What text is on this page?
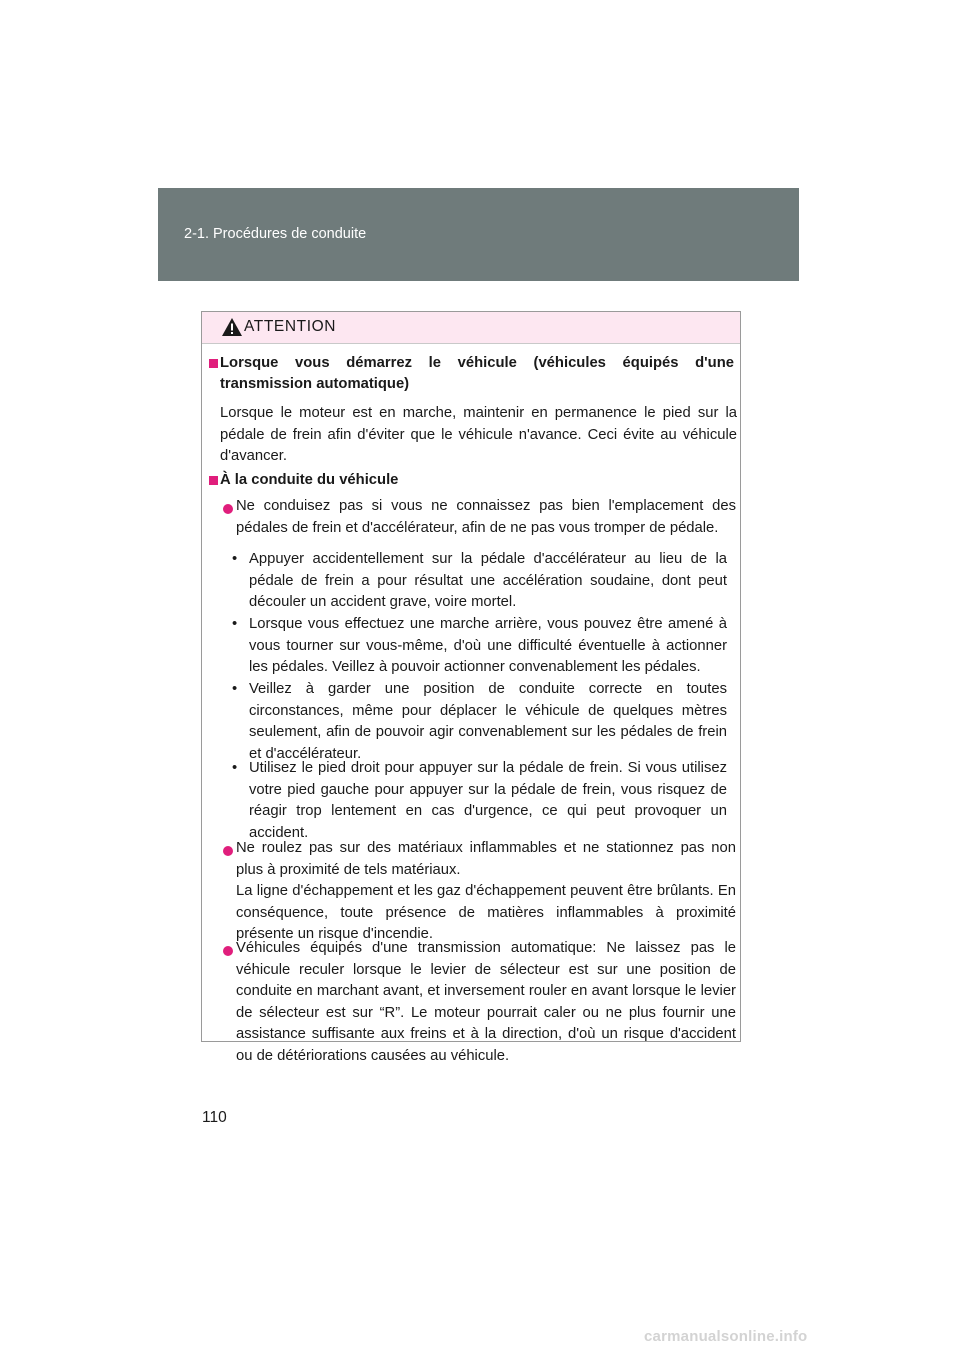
2-1. Procédures de conduite
ATTENTION
Lorsque vous démarrez le véhicule (véhicules équipés d'une
transmission automatique)
Lorsque le moteur est en marche, maintenir en permanence le pied sur la pédale de frein afin d'éviter que le véhicule n'avance. Ceci évite au véhicule d'avancer.
À la conduite du véhicule
Ne conduisez pas si vous ne connaissez pas bien l'emplacement des pédales de frein et d'accélérateur, afin de ne pas vous tromper de pédale.
• Appuyer accidentellement sur la pédale d'accélérateur au lieu de la pédale de frein a pour résultat une accélération soudaine, dont peut découler un accident grave, voire mortel.
• Lorsque vous effectuez une marche arrière, vous pouvez être amené à vous tourner sur vous-même, d'où une difficulté éventuelle à actionner les pédales. Veillez à pouvoir actionner convenablement les pédales.
• Veillez à garder une position de conduite correcte en toutes circonstances, même pour déplacer le véhicule de quelques mètres seulement, afin de pouvoir agir convenablement sur les pédales de frein et d'accélérateur.
• Utilisez le pied droit pour appuyer sur la pédale de frein. Si vous utilisez votre pied gauche pour appuyer sur la pédale de frein, vous risquez de réagir trop lentement en cas d'urgence, ce qui peut provoquer un accident.
Ne roulez pas sur des matériaux inflammables et ne stationnez pas non plus à proximité de tels matériaux.
La ligne d'échappement et les gaz d'échappement peuvent être brûlants. En conséquence, toute présence de matières inflammables à proximité présente un risque d'incendie.
Véhicules équipés d'une transmission automatique: Ne laissez pas le véhicule reculer lorsque le levier de sélecteur est sur une position de conduite en marchant avant, et inversement rouler en avant lorsque le levier de sélecteur est sur “R”. Le moteur pourrait caler ou ne plus fournir une assistance suffisante aux freins et à la direction, d'où un risque d'accident ou de détériorations causées au véhicule.
110
carmanualsonline.info
